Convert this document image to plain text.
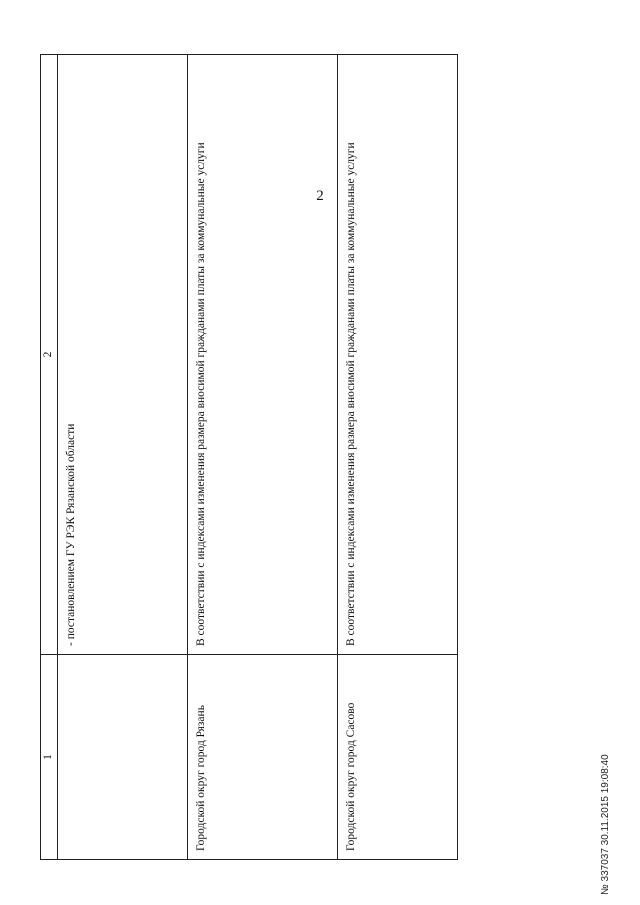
2
1	2
	- постановлением ГУ РЭК Рязанской области
Городской округ город Рязань	В соответствии с индексами изменения размера вносимой гражданами платы за коммунальные услуги
Городской округ город Сасово	В соответствии с индексами изменения размера вносимой гражданами платы за коммунальные услуги
№ 337037 30.11.2015 19:08:40
